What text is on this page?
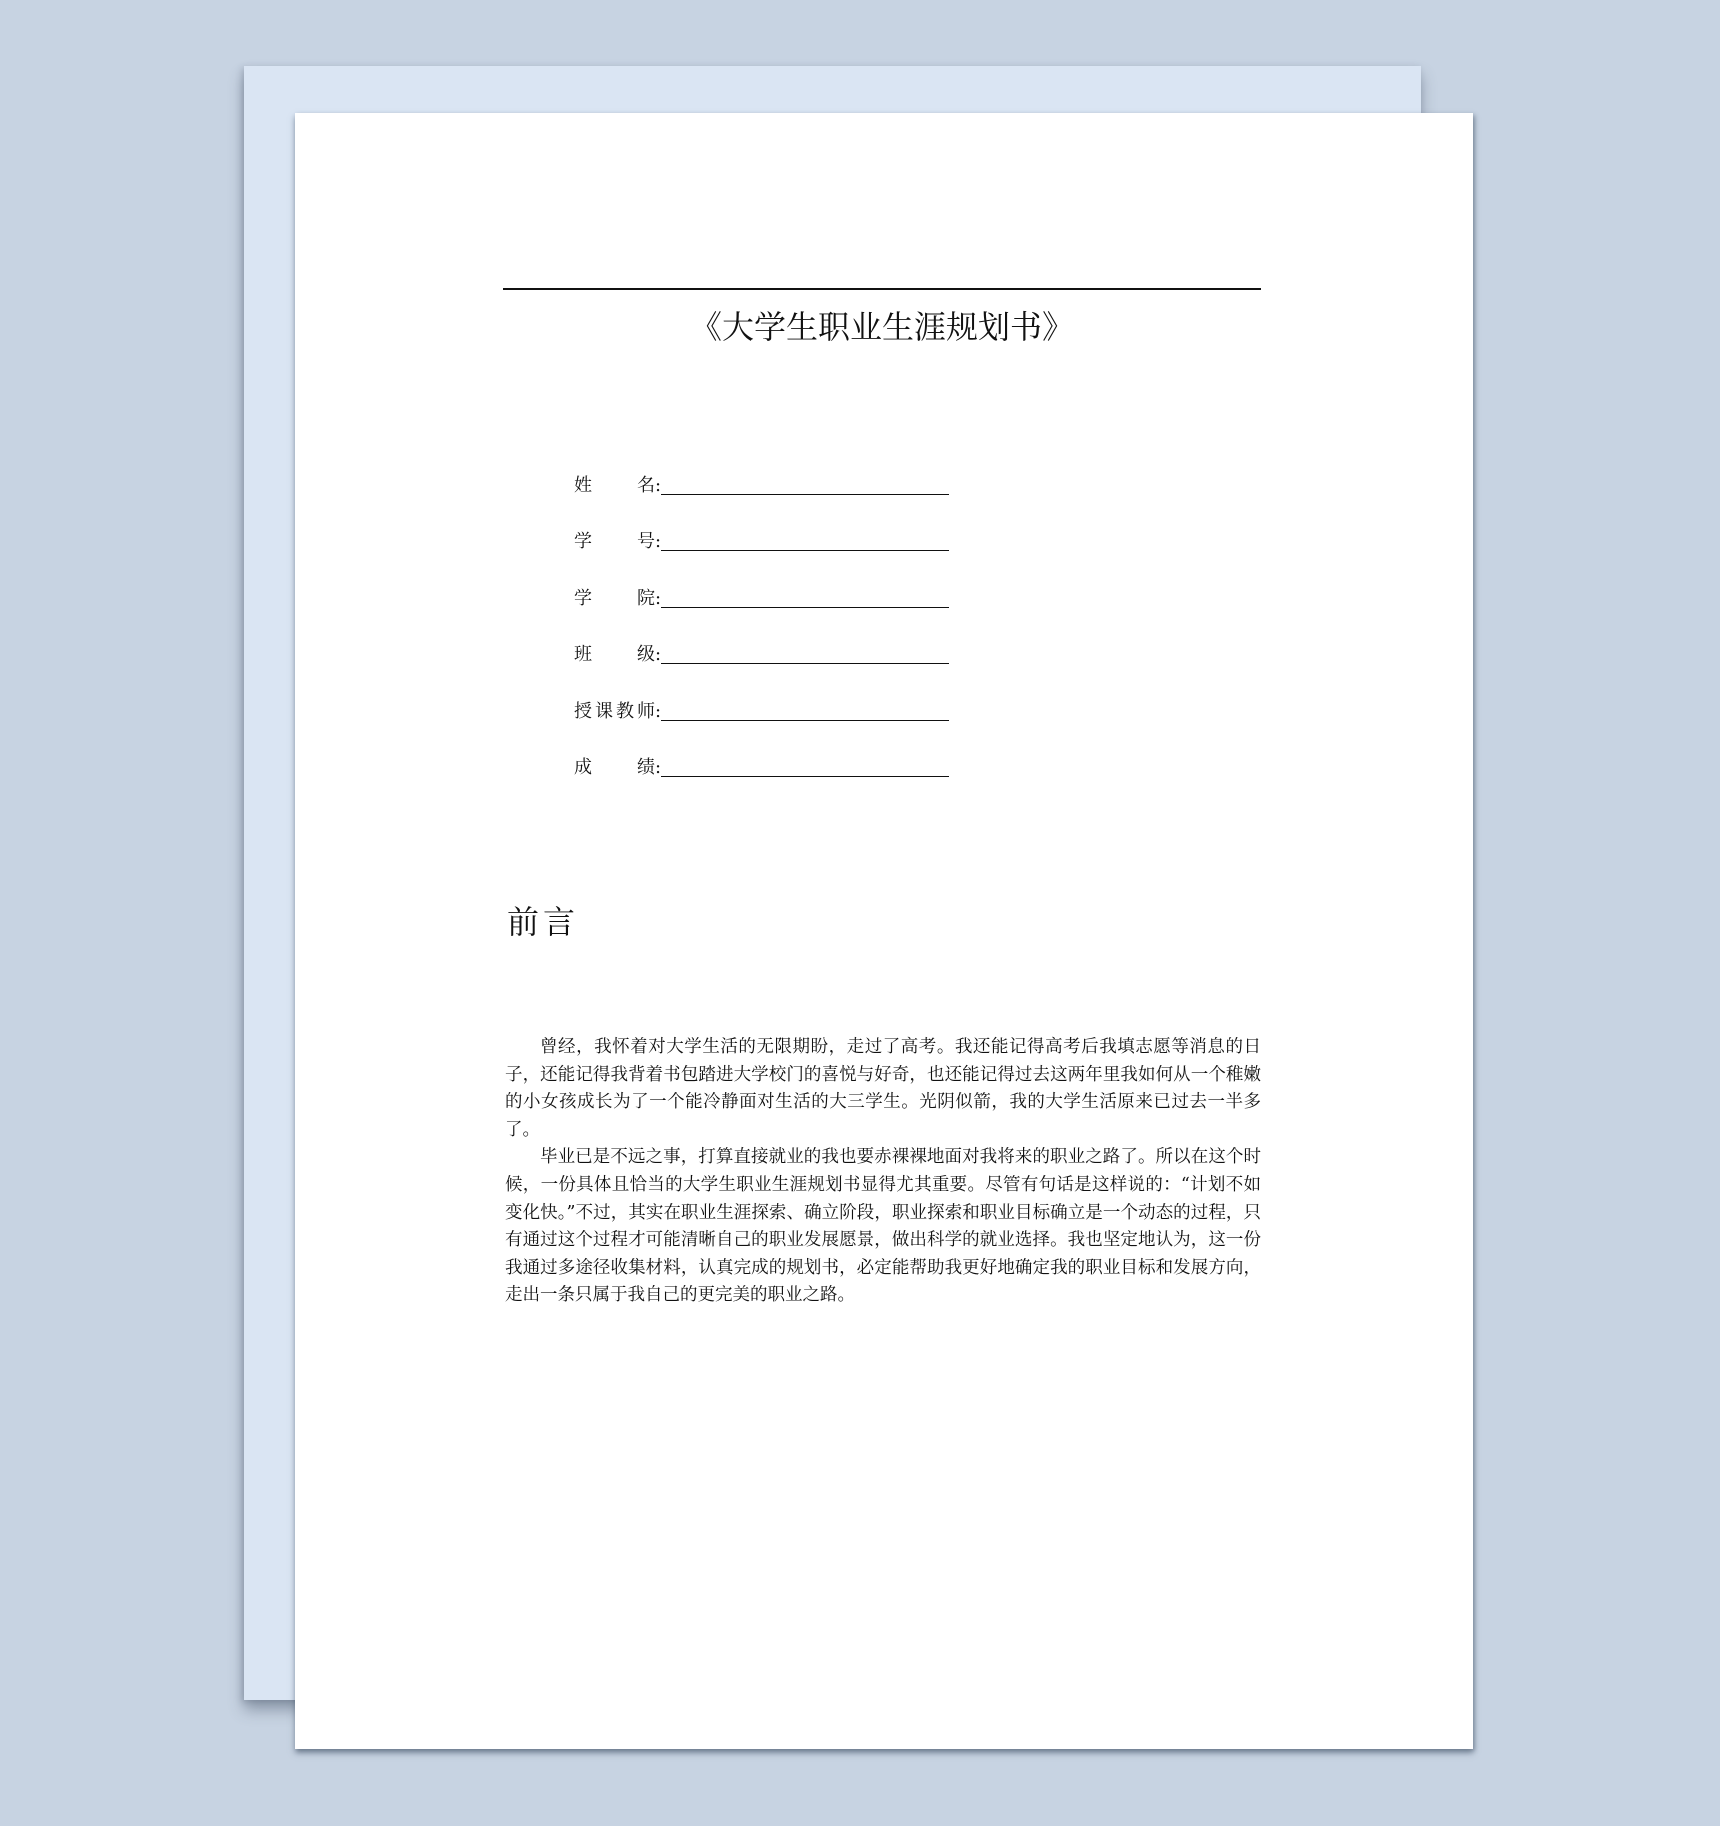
《大学生职业生涯规划书》
姓	名 :
学	号 :
学	院 :
班	级 :
授 课 教 师 :
成	绩 :
前言

曾经，我怀着对大学生活的无限期盼，走过了高考。我还能记得高考后我填志愿等消息的日子，还能记得我背着书包踏进大学校门的喜悦与好奇，也还能记得过去这两年里我如何从一个稚嫩的小女孩成长为了一个能冷静面对生活的大三学生。光阴似箭，我的大学生活原来已过去一半多了。

毕业已是不远之事，打算直接就业的我也要赤裸裸地面对我将来的职业之路了。所以在这个时候，一份具体且恰当的大学生职业生涯规划书显得尤其重要。尽管有句话是这样说的：“计划不如变化快。”不过，其实在职业生涯探索、确立阶段，职业探索和职业目标确立是一个动态的过程，只有通过这个过程才可能清晰自己的职业发展愿景，做出科学的就业选择。我也坚定地认为，这一份我通过多途径收集材料，认真完成的规划书，必定能帮助我更好地确定我的职业目标和发展方向，走出一条只属于我自己的更完美的职业之路。
